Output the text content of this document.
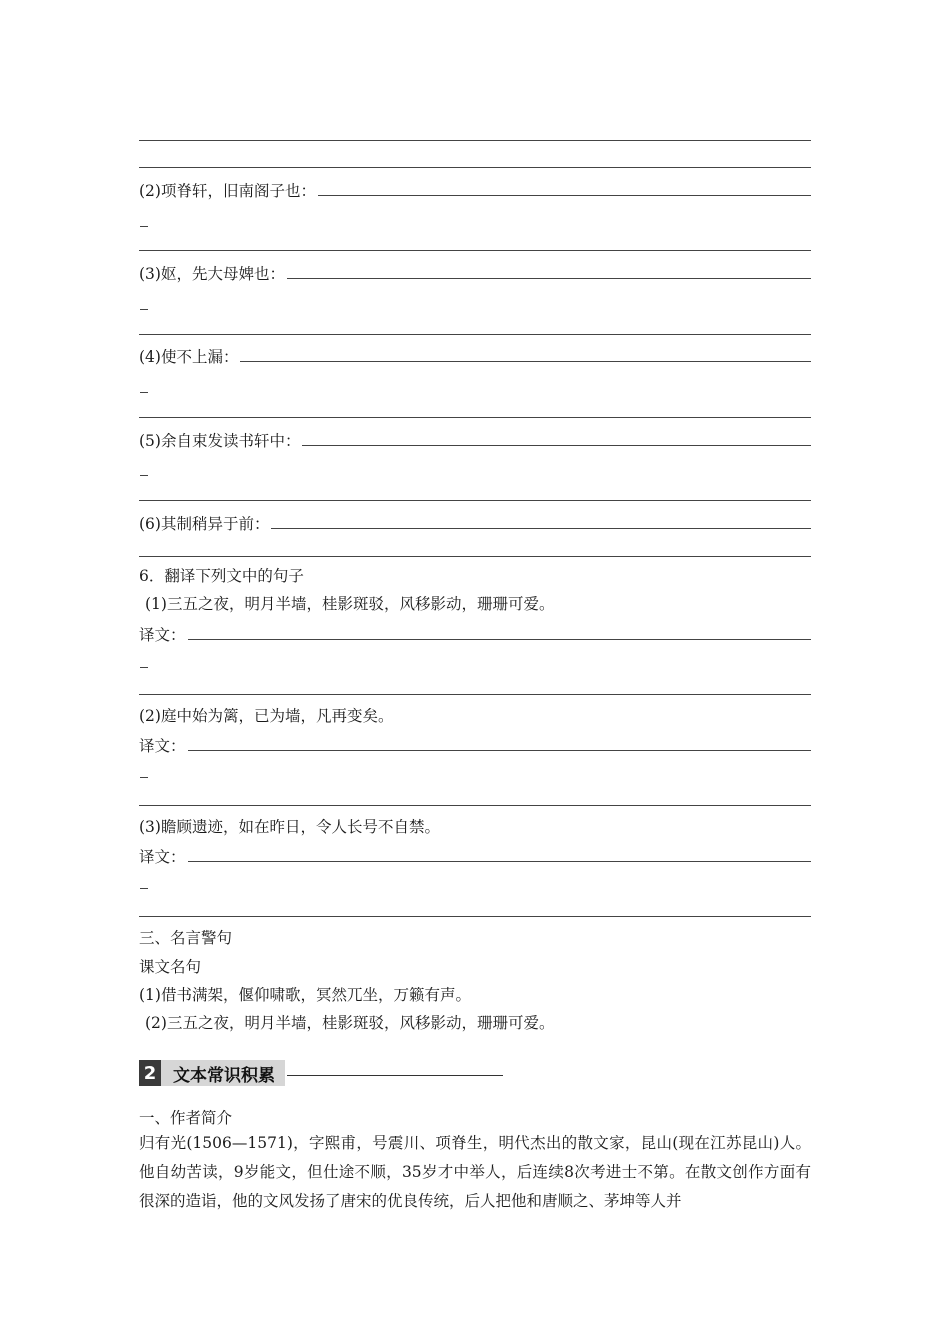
(2)项脊轩，旧南阁子也：
(3)妪，先大母婢也：
(4)使不上漏：
(5)余自束发读书轩中：
(6)其制稍异于前：
6．翻译下列文中的句子
(1)三五之夜，明月半墙，桂影斑驳，风移影动，珊珊可爱。
译文：
(2)庭中始为篱，已为墙，凡再变矣。
译文：
(3)瞻顾遗迹，如在昨日，令人长号不自禁。
译文：
三、名言警句
课文名句
(1)借书满架，偃仰啸歌，冥然兀坐，万籁有声。
(2)三五之夜，明月半墙，桂影斑驳，风移影动，珊珊可爱。
2 文本常识积累
一、作者简介
归有光(1506—1571)，字熙甫，号震川、项脊生，明代杰出的散文家，昆山(现在江苏昆山)人。他自幼苦读，9岁能文，但仕途不顺，35岁才中举人，后连续8次考进士不第。在散文创作方面有很深的造诣，他的文风发扬了唐宋的优良传统，后人把他和唐顺之、茅坤等人并
